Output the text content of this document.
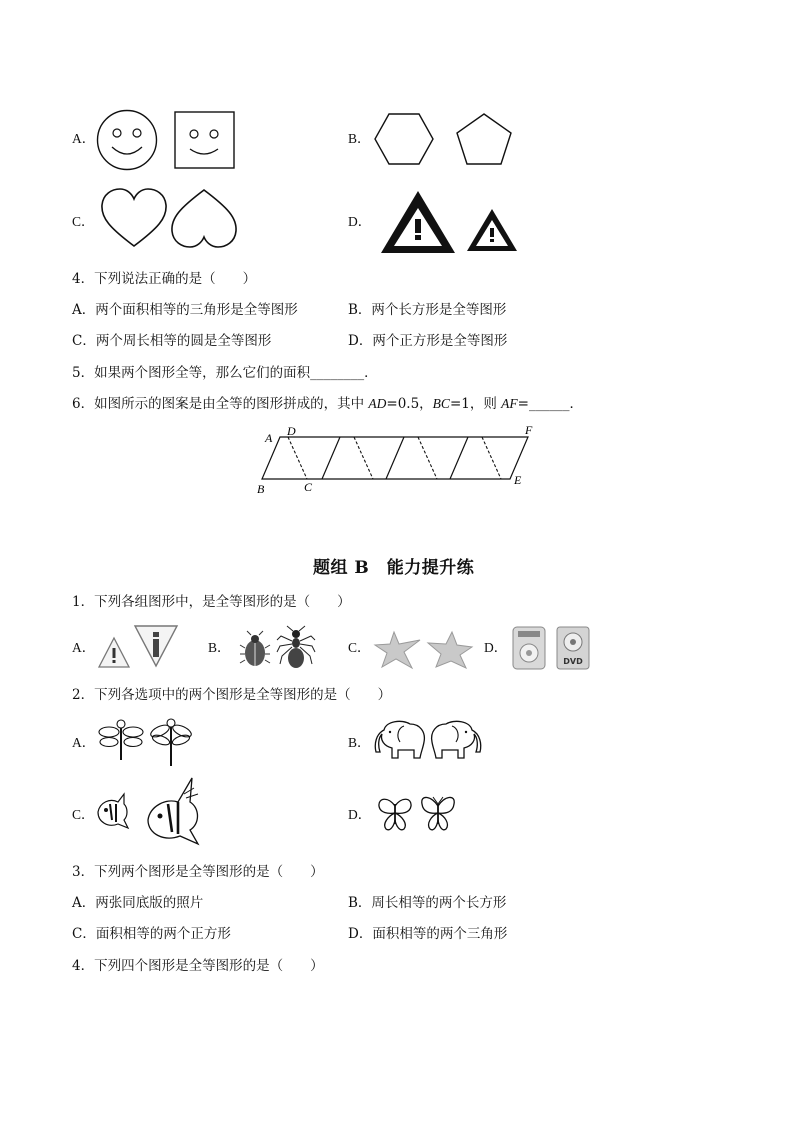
A．	B．
C．	D．
4．下列说法正确的是（　　）
A．两个面积相等的三角形是全等图形	B．两个长方形是全等图形
C．两个周长相等的圆是全等图形	D．两个正方形是全等图形
5．如果两个图形全等，那么它们的面积________．
6．如图所示的图案是由全等的图形拼成的，其中 AD=0.5，BC=1，则 AF=______．
A D	F
B	C	E
题组 B　能力提升练
1．下列各组图形中，是全等图形的是（　　）
A．	B．	C．	D．
DVD
2．下列各选项中的两个图形是全等图形的是（　　）
A．	B．
C．	D．
3．下列两个图形是全等图形的是（　　）
A．两张同底版的照片	B．周长相等的两个长方形
C．面积相等的两个正方形	D．面积相等的两个三角形
4．下列四个图形是全等图形的是（　　）
